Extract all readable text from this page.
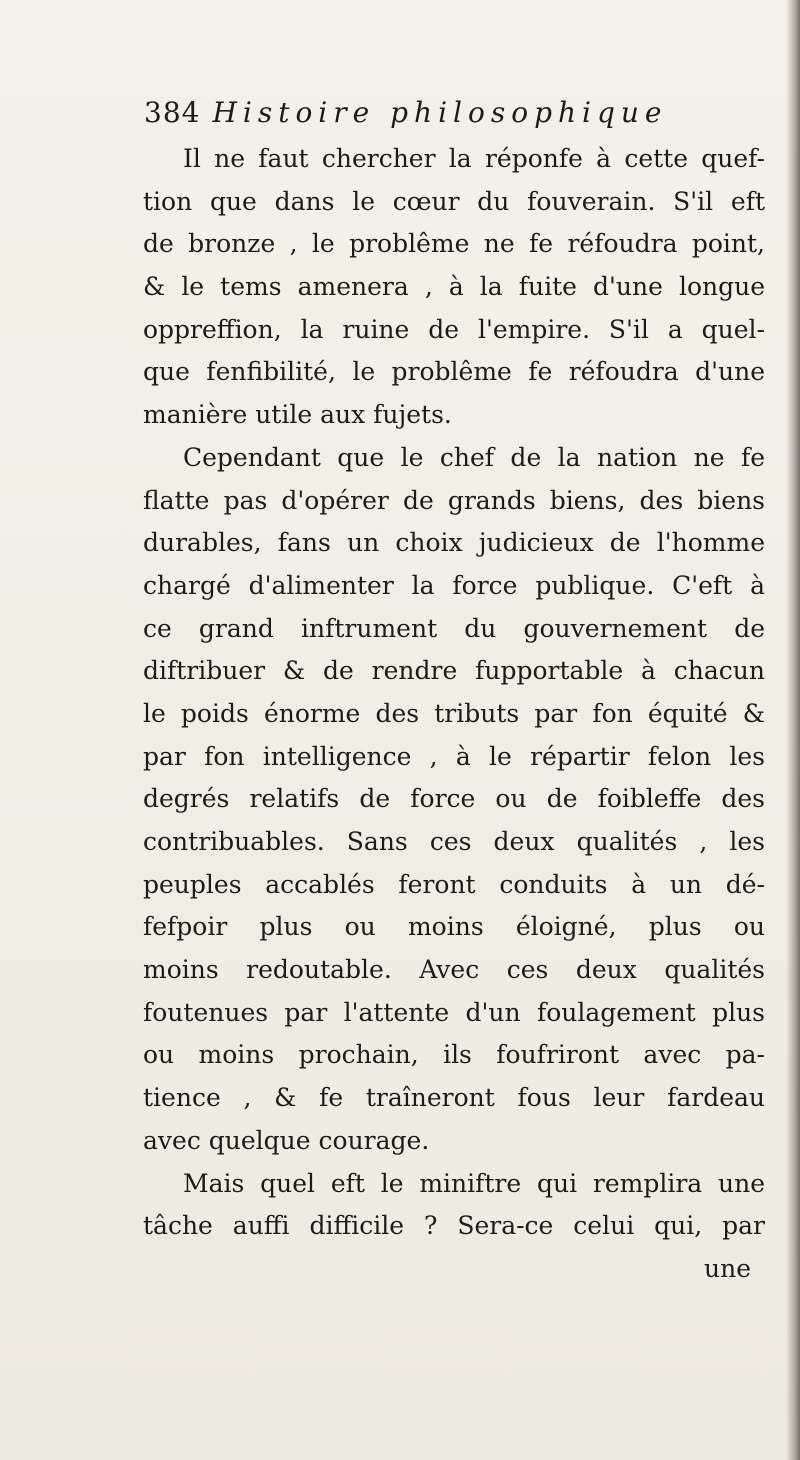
384 Histoire philosophique
Il ne faut chercher la réponfe à cette quef-
tion que dans le cœur du fouverain. S'il eft
de bronze , le problême ne fe réfoudra point,
& le tems amenera , à la fuite d'une longue
oppreffion, la ruine de l'empire. S'il a quel-
que fenfibilité, le problême fe réfoudra d'une
manière utile aux fujets.
Cependant que le chef de la nation ne fe
flatte pas d'opérer de grands biens, des biens
durables, fans un choix judicieux de l'homme
chargé d'alimenter la force publique. C'eft à
ce grand inftrument du gouvernement de
diftribuer & de rendre fupportable à chacun
le poids énorme des tributs par fon équité &
par fon intelligence , à le répartir felon les
degrés relatifs de force ou de foibleffe des
contribuables. Sans ces deux qualités , les
peuples accablés feront conduits à un dé-
fefpoir plus ou moins éloigné, plus ou
moins redoutable. Avec ces deux qualités
foutenues par l'attente d'un foulagement plus
ou moins prochain, ils foufriront avec pa-
tience , & fe traîneront fous leur fardeau
avec quelque courage.
Mais quel eft le miniftre qui remplira une
tâche auffi difficile ? Sera-ce celui qui, par
une
